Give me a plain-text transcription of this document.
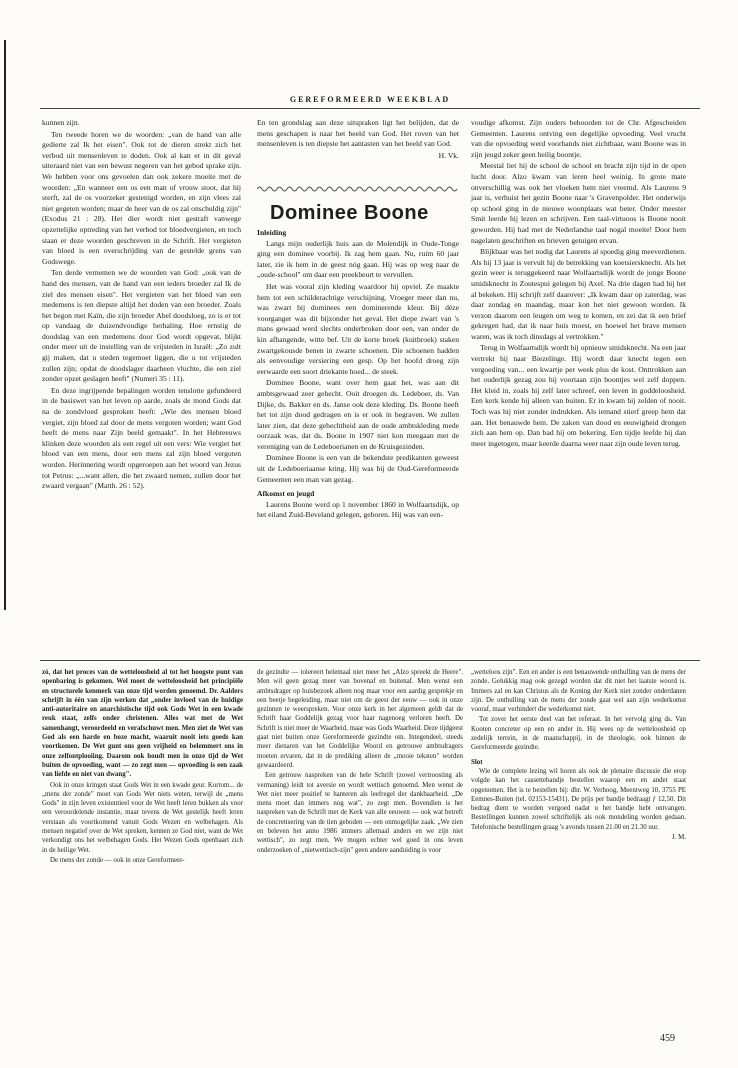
GEREFORMEERD WEEKBLAD

kunnen zijn.

Ten tweede horen we de woorden: „van de hand van alle gedierte zal Ik het eisen". Ook tot de dieren strekt zich het verbod uit mensenleven te doden. Ook al kan er in dit geval uiteraard niet van een bewust negeren van het gebod sprake zijn. We hebben voor ons gevoelen dan ook zekere moeite met de woorden: „En wanneer een os een man of vrouw stoot, dat hij sterft, zal de os voorzeker gestenigd worden, en zijn vlees zal niet gegeten worden; maar de heer van de os zal onschuldig zijn" (Exodus 21 : 28). Het dier wordt niet gestraft vanwege opzettelijke optreding van het verbod tot bloedvergieten, en toch staan er deze woorden geschreven in de Schrift. Het vergieten van bloed is een overschrijding van de gestelde grens van Godswege.

Ten derde vernemen we de woorden van God: „ook van de hand des mensen, van de hand van een ieders broeder zal Ik de ziel des mensen eisen". Het vergieten van het bloed van een medemens is ten diepste altijd het doden van een broeder. Zoals het begon met Kaïn, die zijn broeder Abel doodsloeg, zo is er tot op vandaag de duizendvoudige herhaling. Hoe ernstig de doodslag van een medemens door God wordt opgevat, blijkt onder meer uit de instelling van de vrijsteden in Israël: „Zo zult gij maken, dat u steden tegemoet liggen, die u tot vrijsteden zullen zijn; opdat de doodslager daarheen vluchte, die een ziel zonder opzet geslagen heeft" (Numeri 35 : 11).

En deze ingrijpende bepalingen worden tenslotte gefundeerd in de basiswet van het leven op aarde, zoals de mond Gods dat na de zondvloed gesproken heeft: „Wie des mensen bloed vergiet, zijn bloed zal door de mens vergoten worden; want God heeft de mens naar Zijn beeld gemaakt". In het Hebreeuws klinken deze woorden als een regel uit een vers: Wie vergiet het bloed van een mens, door een mens zal zijn bloed vergoten worden. Herinnering wordt opgeroepen aan het woord van Jezus tot Petrus: „...want allen, die het zwaard nemen, zullen door het zwaard vergaan" (Matth. 26 : 52).

En ten grondslag aan deze uitspraken ligt het belijden, dat de mens geschapen is naar het beeld van God. Het roven van het mensenleven is ten diepste het aantasten van het beeld van God.

H. Vk.
Dominee Boone
Inleiding

Langs mijn ouderlijk huis aan de Molendijk in Oude-Tonge ging een dominee voorbij. Ik zag hem gaan. Nu, ruim 60 jaar later, zie ik hem in de geest nóg gaan. Hij was op weg naar de „oude-school" om daar een preekbeurt te vervullen.

Het was vooral zijn kleding waardoor hij opviel. Ze maakte hem tot een schilderachtige verschijning. Vroeger meer dan nu, was zwart bij dominees een dominerende kleur. Bij déze voorganger was dit bijzonder het geval. Het diepe zwart van 's mans gewaad werd slechts onderbroken door een, van onder de kin afhangende, witte bef. Uit de korte broek (kuitbroek) staken zwartgekousde benen in zwarte schoenen. Die schoenen hadden als eenvoudige versiering een gesp. Op het hoofd droeg zijn eerwaarde een soort driekante hoed... de steek.

Dominee Boone, want over hem gaat het, was aan dit ambtsgewaad zeer gehecht. Ooit droegen ds. Ledeboer, ds. Van Dijke, ds. Bakker en ds. Janse ook deze kleding. Ds. Boone heeft het tot zijn dood gedragen en is er ook in begraven. We zullen later zien, dat deze gehechtheid aan de oude ambtskleding mede oorzaak was, dat ds. Boone in 1907 niet kon meegaan met de vereniging van de Ledeboerianen en de Kruisgezinden.

Dominee Boone is een van de bekendste predikanten geweest uit de Ledeboeriaanse kring. Hij was bij de Oud-Gereformeerde Gemeenten een man van gezag.

Afkomst en jeugd

Laurens Boone werd op 1 november 1860 in Wolfaartsdijk, op het eiland Zuid-Beveland gelegen, geboren. Hij was van een-

voudige afkomst. Zijn ouders behoorden tot de Chr. Afgescheiden Gemeenten. Laurens ontving een degelijke opvoeding. Veel vrucht van die opvoeding werd voorhands niet zichtbaar, want Boone was in zijn jeugd zeker geen heilig boontje.

Meestal liet hij de school de school en bracht zijn tijd in de open lucht door. Alzo kwam van leren heel weinig. In grote mate onverschillig was ook het vloeken hem niet vreemd. Als Laurens 9 jaar is, verhuist het gezin Boone naar 's Gravenpolder. Het onderwijs op school ging in de nieuwe woonplaats wat beter. Onder meester Smit leerde hij lezen en schrijven. Een taal-virtuoos is Boone nooit geworden. Hij had met de Nederlandse taal nogal moeite! Door hem nagelaten geschriften en brieven getuigen ervan.

Blijkbaar was het nodig dat Laurens al spoedig ging meeverdienen. Als hij 13 jaar is vervult hij de betrekking van koetsiersknecht. Als het gezin weer is teruggekeerd naar Wolfaartsdijk wordt de jonge Boone smidsknecht in Zoutespui gelegen bij Axel. Na drie dagen had hij het al bekeken. Hij schrijft zelf daarover: „Ik kwam daar op zaterdag, was daar zondag en maandag, maar kon het niet gewoon worden. Ik verzon daarom een leugen om weg te komen, en zei dat ik een brief gekregen had, dat ik naar huis moest, en hoewel het brave mensen waren, was ik toch dinsdags al vertrokken."

Terug in Wolfaartsdijk wordt hij opnieuw smidsknecht. Na een jaar vertrekt hij naar Biezelinge. Hij wordt daar knecht tegen een vergoeding van... een kwartje per week plus de kost. Onttrokken aan het ouderlijk gezag zou hij voortaan zijn boontjes wel zelf doppen. Het kleid in, zoals hij zelf later schreef, een leven in goddeloosheid. Een kerk kende hij alleen van buiten. Er in kwam hij zelden of nooit. Toch was hij niet zonder indrukken. Als iemand stierf greep hem dat aan. Het benauwde hem. De zaken van dood en eeuwigheid drongen zich aan hem op. Dan bad hij om bekering. Een tijdje leefde hij dan meer ingetogen, maar keerde daarna weer naar zijn oude leven terug.

zó, dat het proces van de wetteloosheid al tot het hoogste punt van openbaring is gekomen. Wel moet de wetteloosheid het principiële en structurele kenmerk van onze tijd worden genoemd. Dr. Aalders schrijft in één van zijn werken dat „onder invloed van de huidige anti-autoritaire en anarchistische tijd ook Gods Wet in een kwade reuk staat, zelfs onder christenen. Alles wat met de Wet samenhangt, veroordeeld en verafschuwt men. Men ziet de Wet van God als een harde en boze macht, waaruit nooit iets goeds kan voortkomen. De Wet gunt ons geen vrijheid en belemmert ons in onze zelfontplooiing. Daarom ook houdt men in onze tijd de Wet buiten de opvoeding, want — zo zegt men — opvoeding is een zaak van liefde en niet van dwang".

Ook in onze kringen staat Gods Wet in een kwade geur. Kortom... de „mens der zonde" moet van Gods Wet niets weten, terwijl de „mens Gods" in zijn leven existentieel voor de Wet heeft leren bukken als voor een veroordelende instantie, maar tevens de Wet gestelijk heeft leren verstaan als voortkomend vanuit Gods Wezen en welbehagen. Als mensen negatief over de Wet spreken, kennen ze God niet, want de Wet verkondigt ons het welbehagen Gods. Het Wezen Gods openbaart zich in de heilige Wet.

De mens der zonde — ook in onze Gereformeer-

de gezindte — tolereert helemaal niet meer het „Alzo spreekt de Heere". Men wil geen gezag meer van bovenaf en buitenaf. Men wenst een ambtsdrager op huisbezoek alleen nog maar voor een aardig gesprekje en een beetje begeleiding, maar niet om de geest der eeuw — ook in onze gezinnen te weerspreken. Voor onze kerk in het algemeen geldt dat de Schrift haar Goddelijk gezag voor haar nagenoeg verloren heeft. De Schrift is niet meer de Waarheid, maar was Gods Waarheid. Deze tijdgeest gaat niet buiten onze Gereformeerde gezindte om. Integendeel, steeds meer dienaren van het Goddelijke Woord en getrouwe ambtsdragers moeten ervaren, dat in de prediking alleen de „mooie teksten" worden gewaardeerd.

Een getrouw naspreken van de hele Schrift (zowel vertroosting als vermaning) leidt tot aversie en wordt wettisch genoemd. Men wenst de Wet niet meer positief te hanteren als leefregel der dankbaarheid. „De mens moet dan immers nog wat", zo zegt men. Bovendien is het naspreken van de Schrift met de Kerk van alle eeuwen — ook wat betreft de concretisering van de tien geboden — een onmogelijke zaak. „We zien en beleven het anno 1986 immers allemaal anders en we zijn niet wettisch", zo zegt men. We mogen echter wel goed in ons leven onderzoeken of „nietwettisch-zijn" geen andere aanduiding is voor

„wetteloos zijn". Een en ander is een benauwende onthulling van de mens der zonde. Gelukkig mag ook gezegd worden dat dit niet het laatste woord is. Immers zal en kan Christus als de Koning der Kerk niet zonder onderdanen zijn. De onthulling van de mens der zonde gaat wel aan zijn wederkomst vooraf, maar verhindert die wederkomst niet.

Tot zover het eerste deel van het referaat. In het vervolg ging ds. Van Kooten concreter op een en ander in. Hij wees op de wetteloosheid op zedelijk terrein, in de maatschappij, in de theologie, ook binnen de Gereformeerde gezindte.

Slot

Wie de complete lezing wil horen als ook de plenaire discussie die erop volgde kan het cassettebandje bestellen waarop een en ander staat opgenomen. Het is te bestellen bij: dhr. W. Verhoog, Meentweg 10, 3755 PE Eemnes-Buiten (tel. 02153-15431). De prijs per bandje bedraagt ƒ 12,50. Dit bedrag dient te worden vergoed nadat u het bandje hebt ontvangen. Bestellingen kunnen zowel schriftelijk als ook mondeling worden gedaan. Telefonische bestellingen graag 's avonds tussen 21.00 en 21.30 uur.

J. M.
459
